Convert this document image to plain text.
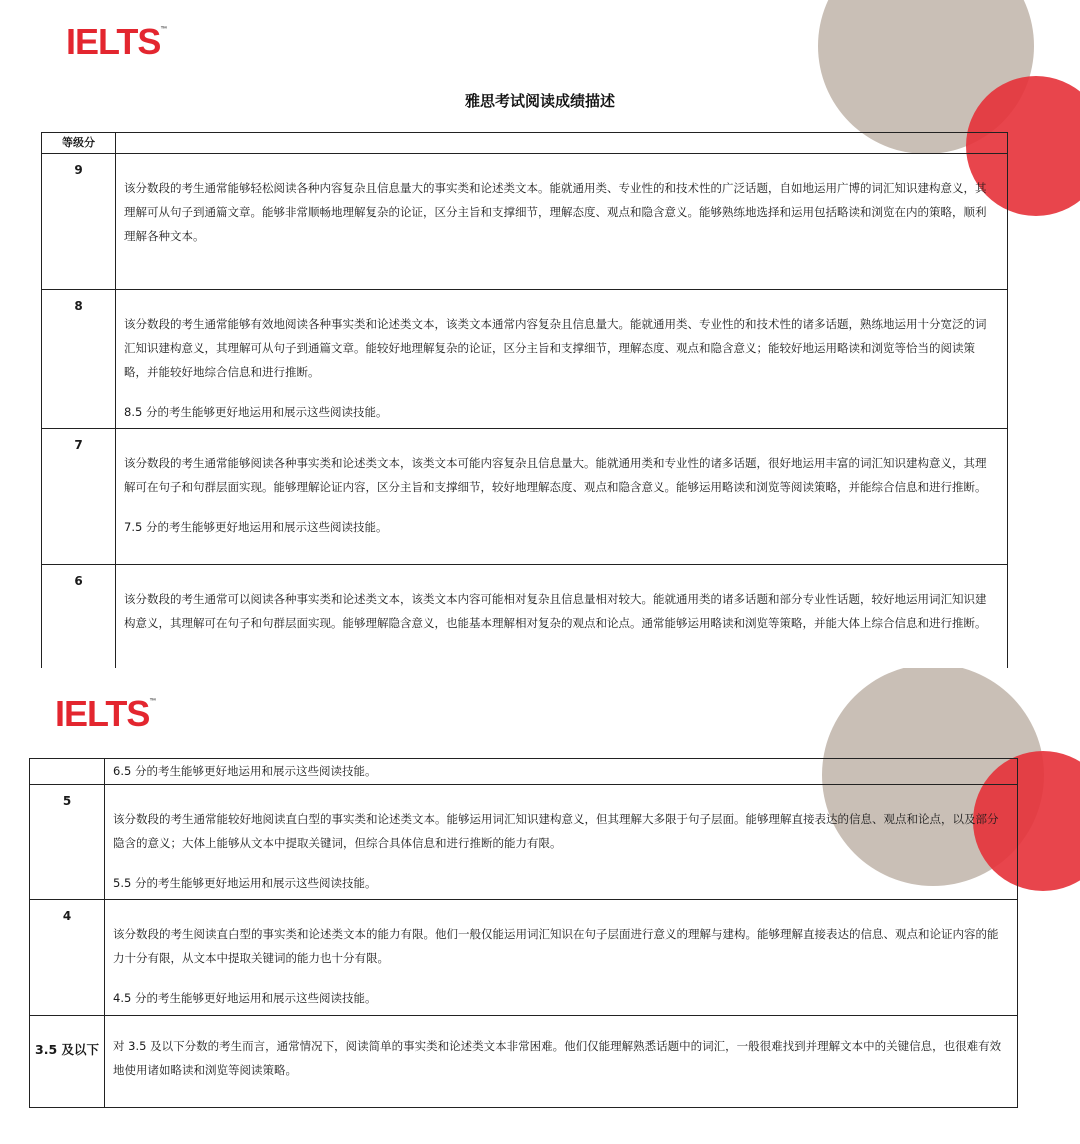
IELTS™
雅思考试阅读成绩描述
等级分	
9	该分数段的考生通常能够轻松阅读各种内容复杂且信息量大的事实类和论述类文本。能就通用类、专业性的和技术性的广泛话题，自如地运用广博的词汇知识建构意义，其理解可从句子到通篇文章。能够非常顺畅地理解复杂的论证，区分主旨和支撑细节，理解态度、观点和隐含意义。能够熟练地选择和运用包括略读和浏览在内的策略，顺利理解各种文本。

8	该分数段的考生通常能够有效地阅读各种事实类和论述类文本，该类文本通常内容复杂且信息量大。能就通用类、专业性的和技术性的诸多话题，熟练地运用十分宽泛的词汇知识建构意义，其理解可从句子到通篇文章。能较好地理解复杂的论证，区分主旨和支撑细节，理解态度、观点和隐含意义；能较好地运用略读和浏览等恰当的阅读策略，并能较好地综合信息和进行推断。

8.5 分的考生能够更好地运用和展示这些阅读技能。

7	该分数段的考生通常能够阅读各种事实类和论述类文本，该类文本可能内容复杂且信息量大。能就通用类和专业性的诸多话题，很好地运用丰富的词汇知识建构意义，其理解可在句子和句群层面实现。能够理解论证内容，区分主旨和支撑细节，较好地理解态度、观点和隐含意义。能够运用略读和浏览等阅读策略，并能综合信息和进行推断。

7.5 分的考生能够更好地运用和展示这些阅读技能。

6	该分数段的考生通常可以阅读各种事实类和论述类文本，该类文本内容可能相对复杂且信息量相对较大。能就通用类的诸多话题和部分专业性话题，较好地运用词汇知识建构意义，其理解可在句子和句群层面实现。能够理解隐含意义，也能基本理解相对复杂的观点和论点。通常能够运用略读和浏览等策略，并能大体上综合信息和进行推断。

IELTS™

	6.5 分的考生能够更好地运用和展示这些阅读技能。

5	该分数段的考生通常能较好地阅读直白型的事实类和论述类文本。能够运用词汇知识建构意义，但其理解大多限于句子层面。能够理解直接表达的信息、观点和论点，以及部分隐含的意义；大体上能够从文本中提取关键词，但综合具体信息和进行推断的能力有限。

5.5 分的考生能够更好地运用和展示这些阅读技能。

4	该分数段的考生阅读直白型的事实类和论述类文本的能力有限。他们一般仅能运用词汇知识在句子层面进行意义的理解与建构。能够理解直接表达的信息、观点和论证内容的能力十分有限，从文本中提取关键词的能力也十分有限。

4.5 分的考生能够更好地运用和展示这些阅读技能。

3.5 及以下	对 3.5 及以下分数的考生而言，通常情况下，阅读简单的事实类和论述类文本非常困难。他们仅能理解熟悉话题中的词汇，一般很难找到并理解文本中的关键信息，也很难有效地使用诸如略读和浏览等阅读策略。
